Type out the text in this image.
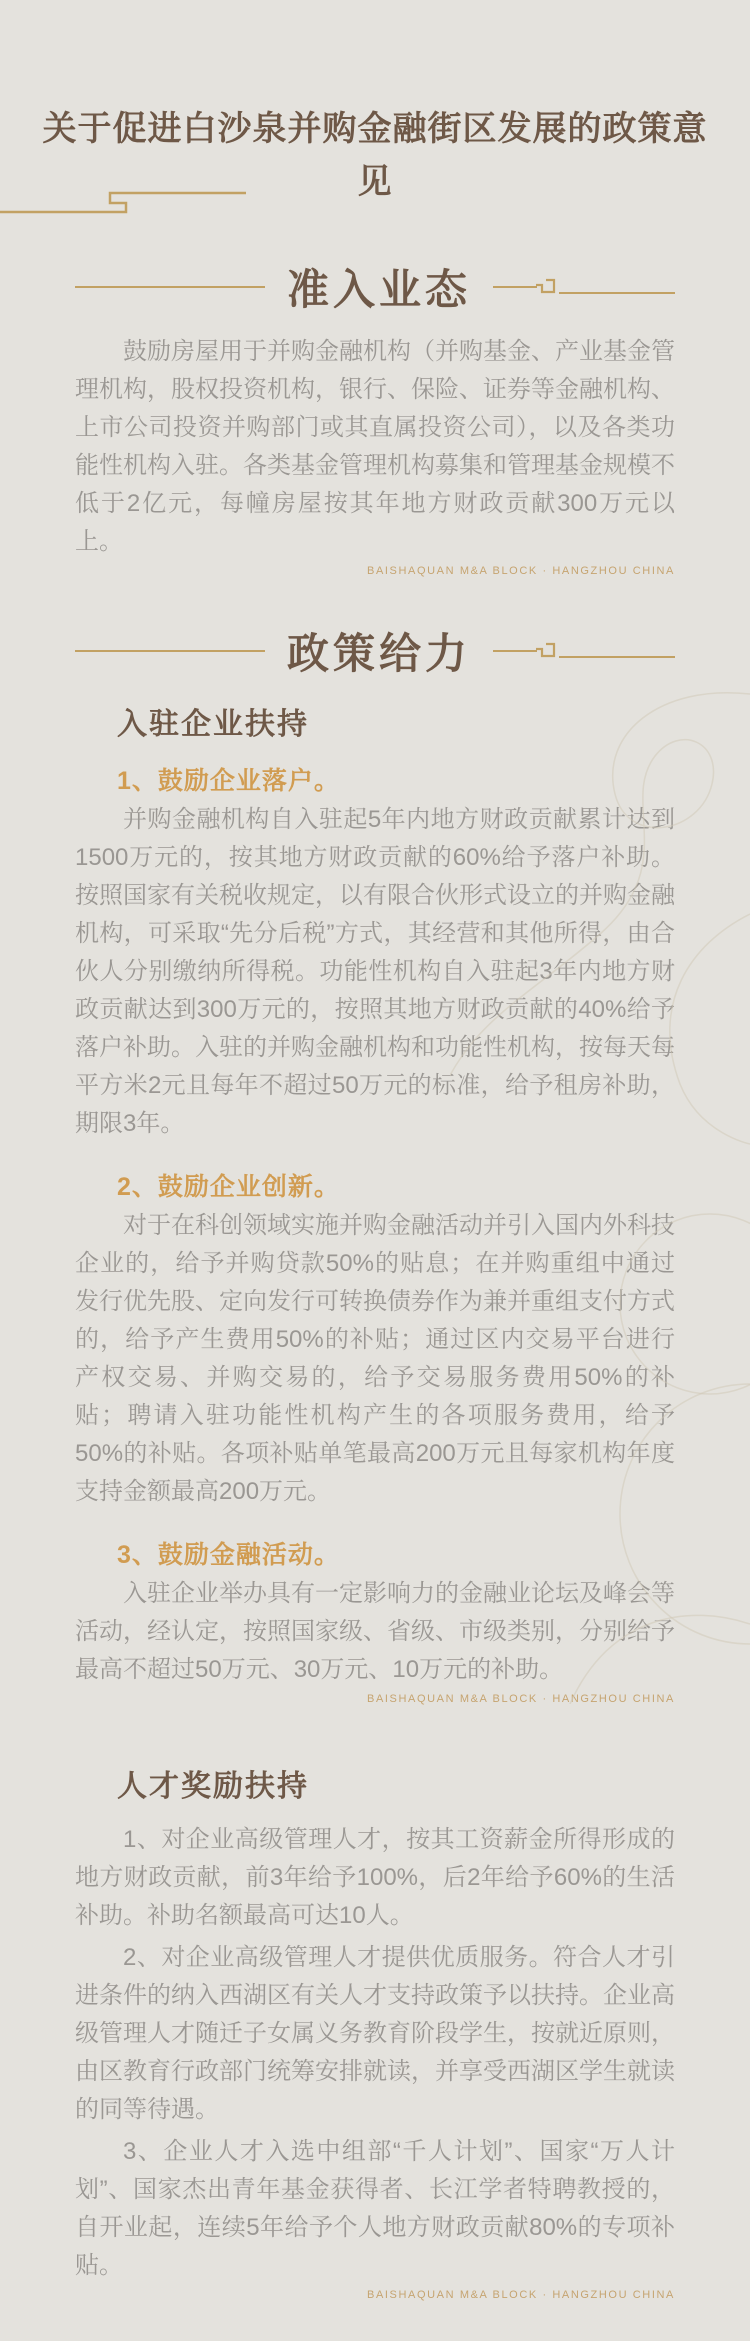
关于促进白沙泉并购金融街区发展的政策意见
准入业态

鼓励房屋用于并购金融机构（并购基金、产业基金管理机构，股权投资机构，银行、保险、证券等金融机构、上市公司投资并购部门或其直属投资公司），以及各类功能性机构入驻。各类基金管理机构募集和管理基金规模不低于2亿元，每幢房屋按其年地方财政贡献300万元以上。

BAISHAQUAN M&A BLOCK · HANGZHOU CHINA
政策给力
入驻企业扶持
1、鼓励企业落户。

并购金融机构自入驻起5年内地方财政贡献累计达到1500万元的，按其地方财政贡献的60%给予落户补助。按照国家有关税收规定，以有限合伙形式设立的并购金融机构，可采取“先分后税”方式，其经营和其他所得，由合伙人分别缴纳所得税。功能性机构自入驻起3年内地方财政贡献达到300万元的，按照其地方财政贡献的40%给予落户补助。入驻的并购金融机构和功能性机构，按每天每平方米2元且每年不超过50万元的标准，给予租房补助，期限3年。

2、鼓励企业创新。

对于在科创领域实施并购金融活动并引入国内外科技企业的，给予并购贷款50%的贴息；在并购重组中通过发行优先股、定向发行可转换债券作为兼并重组支付方式的，给予产生费用50%的补贴；通过区内交易平台进行产权交易、并购交易的，给予交易服务费用50%的补贴；聘请入驻功能性机构产生的各项服务费用，给予50%的补贴。各项补贴单笔最高200万元且每家机构年度支持金额最高200万元。

3、鼓励金融活动。

入驻企业举办具有一定影响力的金融业论坛及峰会等活动，经认定，按照国家级、省级、市级类别，分别给予最高不超过50万元、30万元、10万元的补助。

BAISHAQUAN M&A BLOCK · HANGZHOU CHINA
人才奖励扶持

1、对企业高级管理人才，按其工资薪金所得形成的地方财政贡献，前3年给予100%，后2年给予60%的生活补助。补助名额最高可达10人。

2、对企业高级管理人才提供优质服务。符合人才引进条件的纳入西湖区有关人才支持政策予以扶持。企业高级管理人才随迁子女属义务教育阶段学生，按就近原则，由区教育行政部门统筹安排就读，并享受西湖区学生就读的同等待遇。

3、企业人才入选中组部“千人计划”、国家“万人计划”、国家杰出青年基金获得者、长江学者特聘教授的，自开业起，连续5年给予个人地方财政贡献80%的专项补贴。

BAISHAQUAN M&A BLOCK · HANGZHOU CHINA
